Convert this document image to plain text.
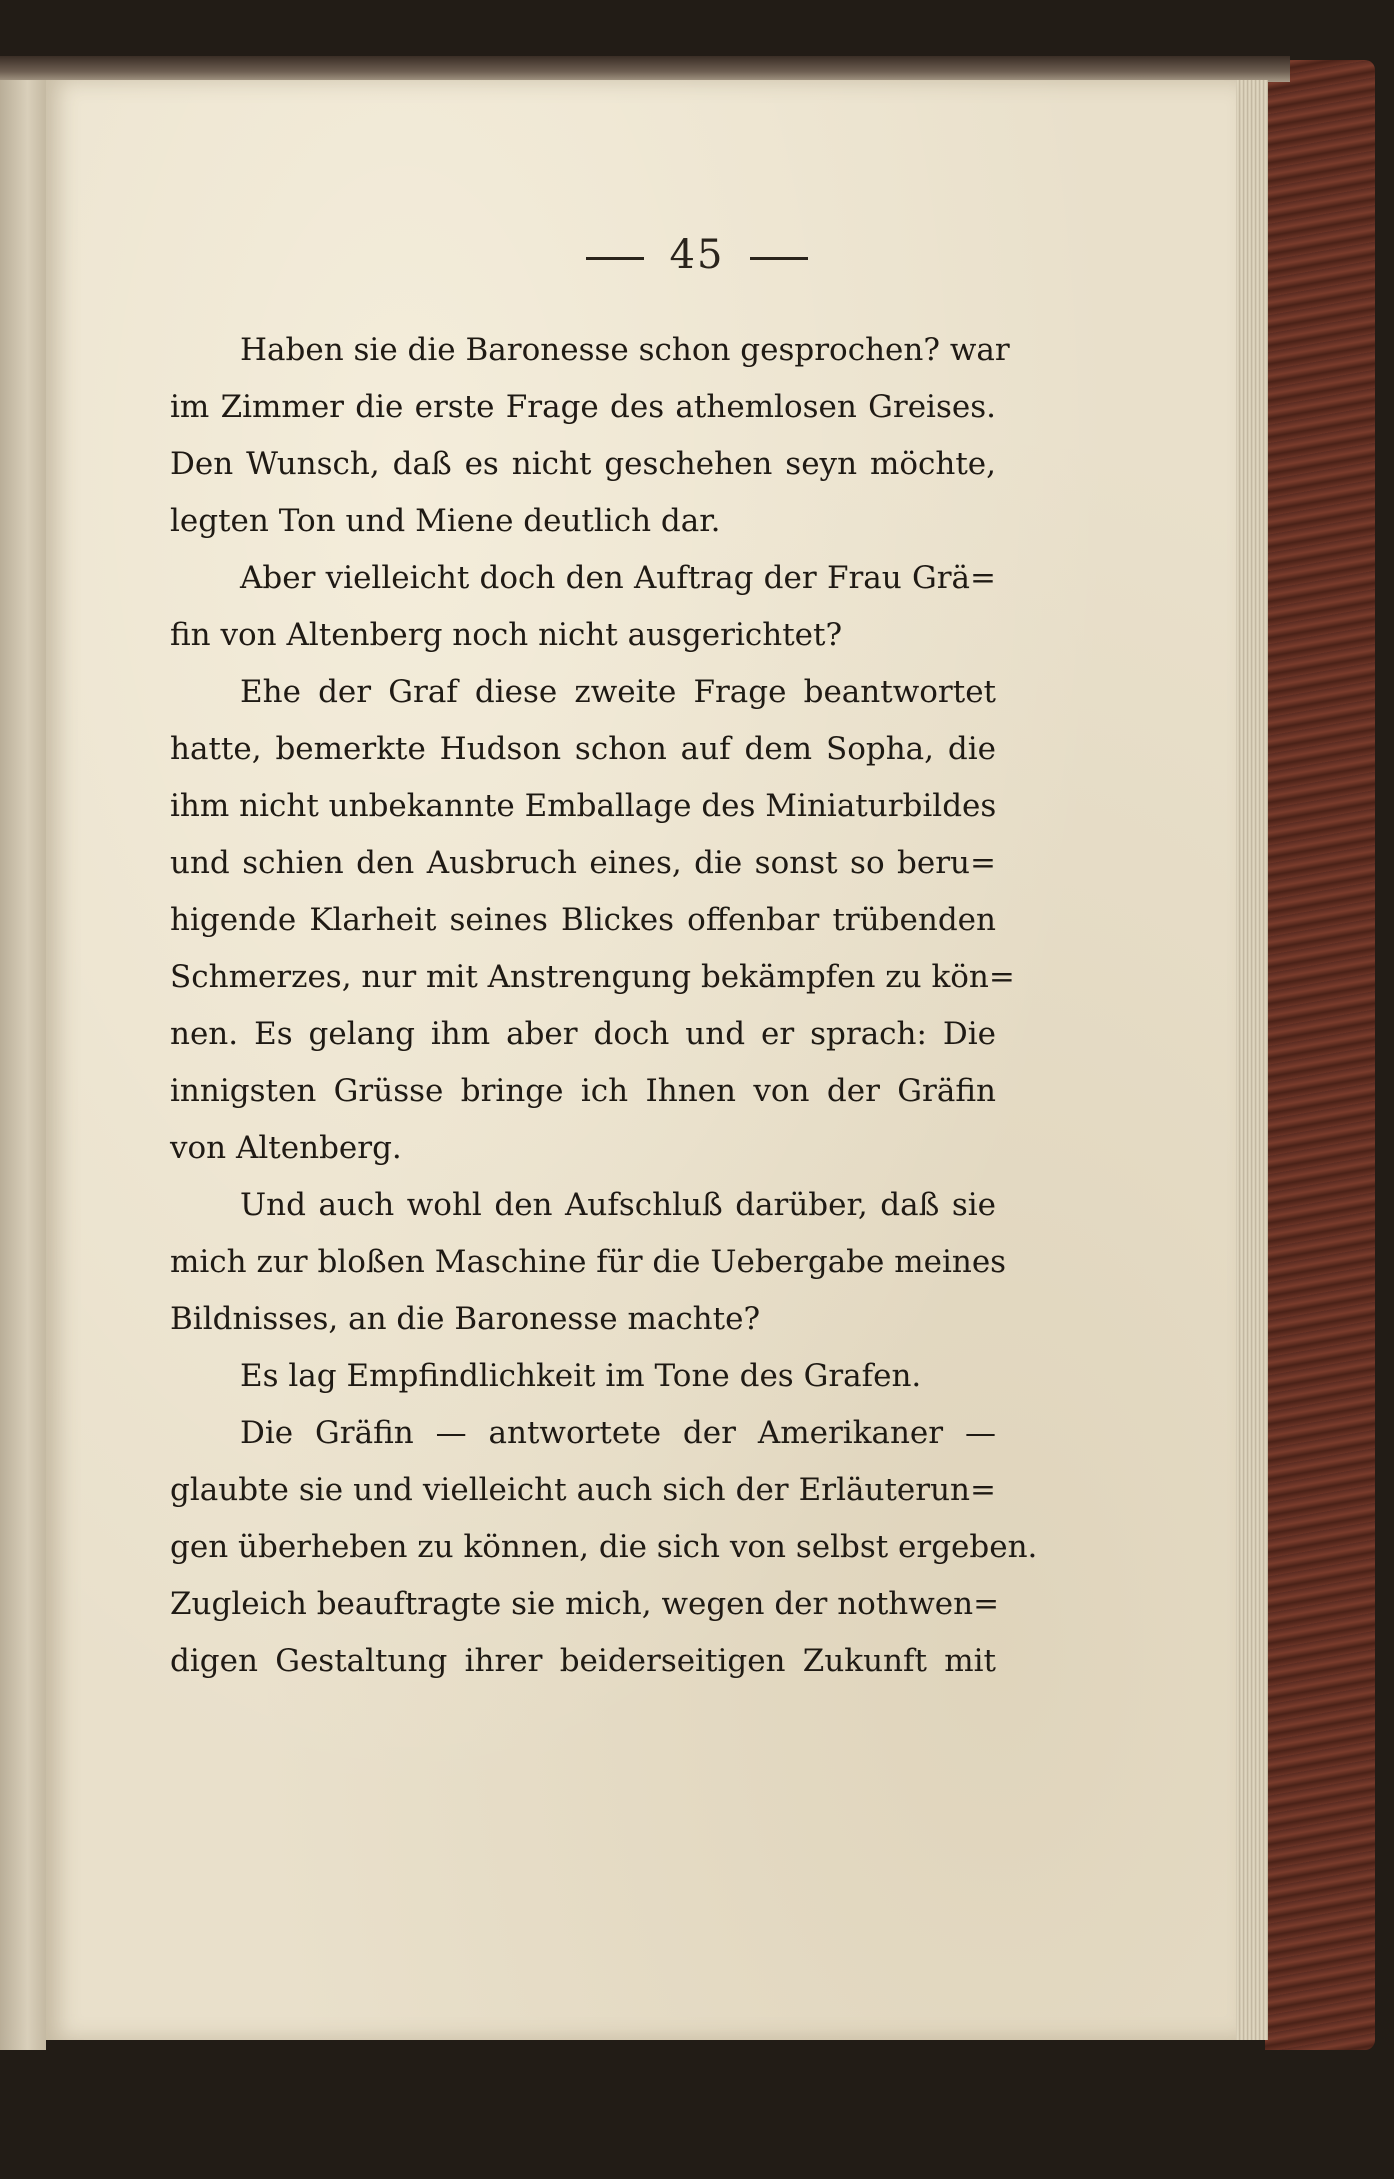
45
Haben sie die Baronesse schon gesprochen? war
im Zimmer die erste Frage des athemlosen Greises.
Den Wunsch, daß es nicht geschehen seyn möchte,
legten Ton und Miene deutlich dar.
Aber vielleicht doch den Auftrag der Frau Grä=
fin von Altenberg noch nicht ausgerichtet?
Ehe der Graf diese zweite Frage beantwortet
hatte, bemerkte Hudson schon auf dem Sopha, die
ihm nicht unbekannte Emballage des Miniaturbildes
und schien den Ausbruch eines, die sonst so beru=
higende Klarheit seines Blickes offenbar trübenden
Schmerzes, nur mit Anstrengung bekämpfen zu kön=
nen. Es gelang ihm aber doch und er sprach: Die
innigsten Grüsse bringe ich Ihnen von der Gräfin
von Altenberg.
Und auch wohl den Aufschluß darüber, daß sie
mich zur bloßen Maschine für die Uebergabe meines
Bildnisses, an die Baronesse machte?
Es lag Empfindlichkeit im Tone des Grafen.
Die Gräfin — antwortete der Amerikaner —
glaubte sie und vielleicht auch sich der Erläuterun=
gen überheben zu können, die sich von selbst ergeben.
Zugleich beauftragte sie mich, wegen der nothwen=
digen Gestaltung ihrer beiderseitigen Zukunft mit
